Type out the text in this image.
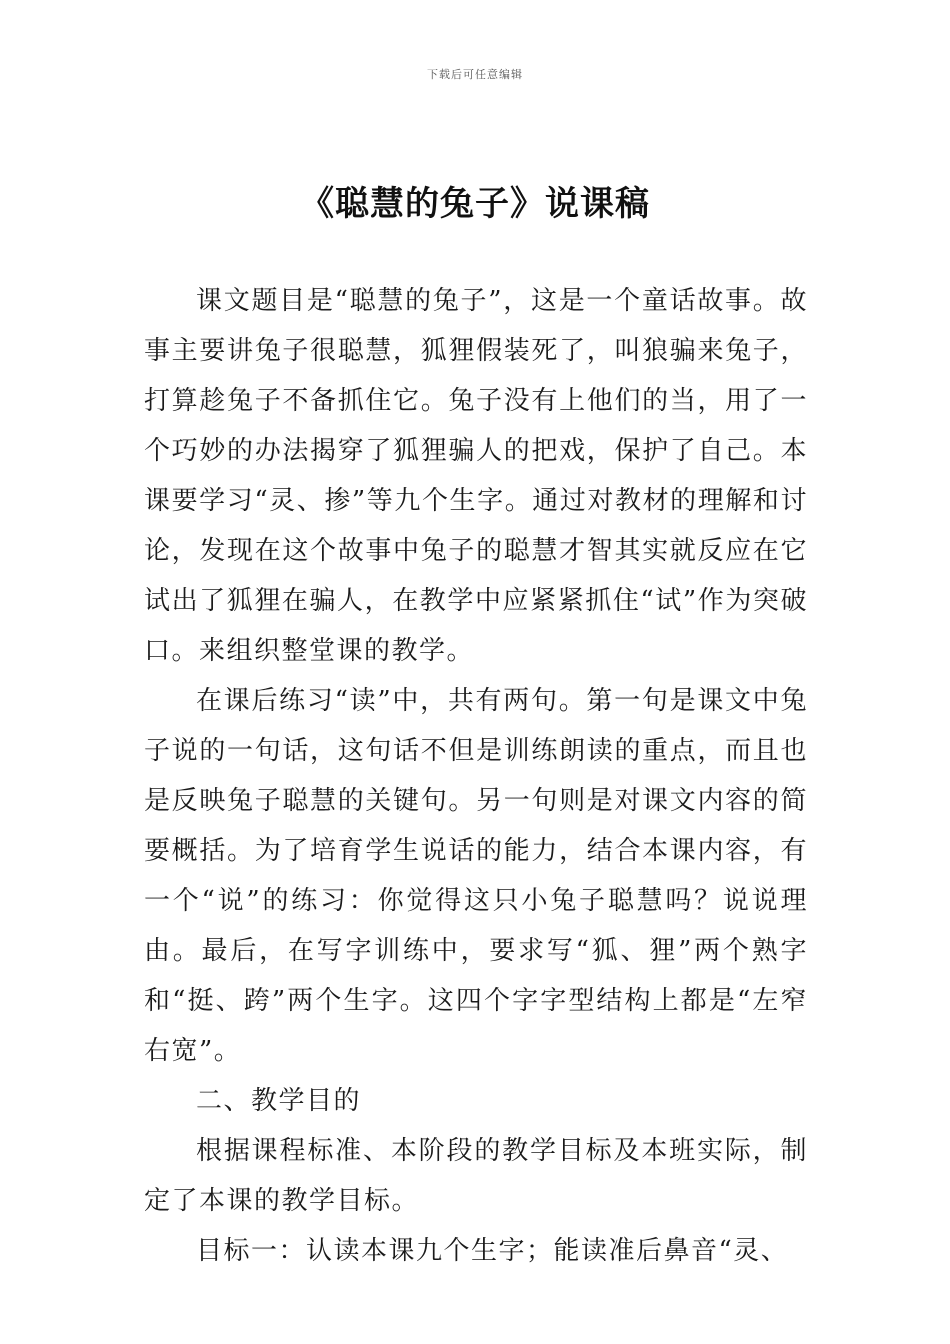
下载后可任意编辑
《聪慧的兔子》说课稿

课文题目是“聪慧的兔子”，这是一个童话故事。故事主要讲兔子很聪慧，狐狸假装死了，叫狼骗来兔子，打算趁兔子不备抓住它。兔子没有上他们的当，用了一个巧妙的办法揭穿了狐狸骗人的把戏，保护了自己。本课要学习“灵、掺”等九个生字。通过对教材的理解和讨论，发现在这个故事中兔子的聪慧才智其实就反应在它试出了狐狸在骗人，在教学中应紧紧抓住“试”作为突破口。来组织整堂课的教学。

在课后练习“读”中，共有两句。第一句是课文中兔子说的一句话，这句话不但是训练朗读的重点，而且也是反映兔子聪慧的关键句。另一句则是对课文内容的简要概括。为了培育学生说话的能力，结合本课内容，有一个“说”的练习：你觉得这只小兔子聪慧吗？说说理由。最后，在写字训练中，要求写“狐、狸”两个熟字和“挺、跨”两个生字。这四个字字型结构上都是“左窄右宽”。

二、教学目的

根据课程标准、本阶段的教学目标及本班实际，制定了本课的教学目标。

目标一：认读本课九个生字；能读准后鼻音“灵、
